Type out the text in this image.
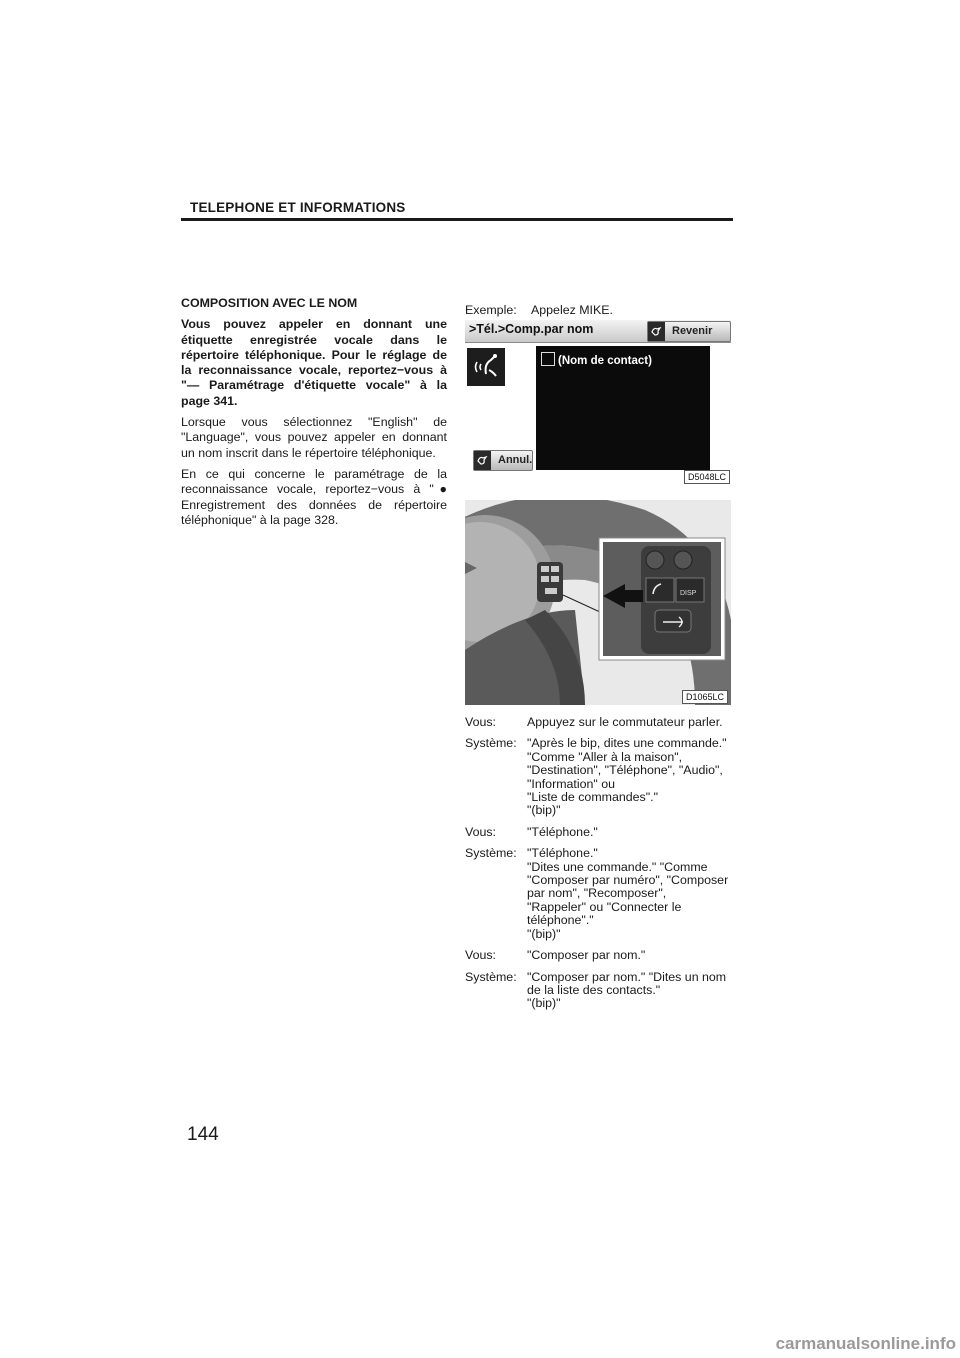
TELEPHONE ET INFORMATIONS
COMPOSITION AVEC LE NOM

Vous pouvez appeler en donnant une étiquette enregistrée vocale dans le répertoire téléphonique. Pour le réglage de la reconnaissance vocale, reportez−vous à "— Paramétrage d'étiquette vocale" à la page 341.

Lorsque vous sélectionnez "English" de "Language", vous pouvez appeler en donnant un nom inscrit dans le répertoire téléphonique.

En ce qui concerne le paramétrage de la reconnaissance vocale, reportez−vous à "● Enregistrement des données de répertoire téléphonique" à la page 328.

Exemple: Appelez MIKE.
>Tél.>Comp.par nom	Revenir
(Nom de contact)
Annul.
D5048LC
DISP
D1065LC
Vous: Appuyez sur le commutateur parler.
Système: "Après le bip, dites une commande."
"Comme "Aller à la maison",
"Destination", "Téléphone", "Audio",
"Information" ou
"Liste de commandes"."
"(bip)"
Vous: "Téléphone."
Système: "Téléphone."
"Dites une commande." "Comme
"Composer par numéro", "Composer
par nom", "Recomposer",
"Rappeler" ou "Connecter le
téléphone"."
"(bip)"
Vous: "Composer par nom."
Système: "Composer par nom." "Dites un nom
de la liste des contacts."
"(bip)"
144
carmanualsonline.info
